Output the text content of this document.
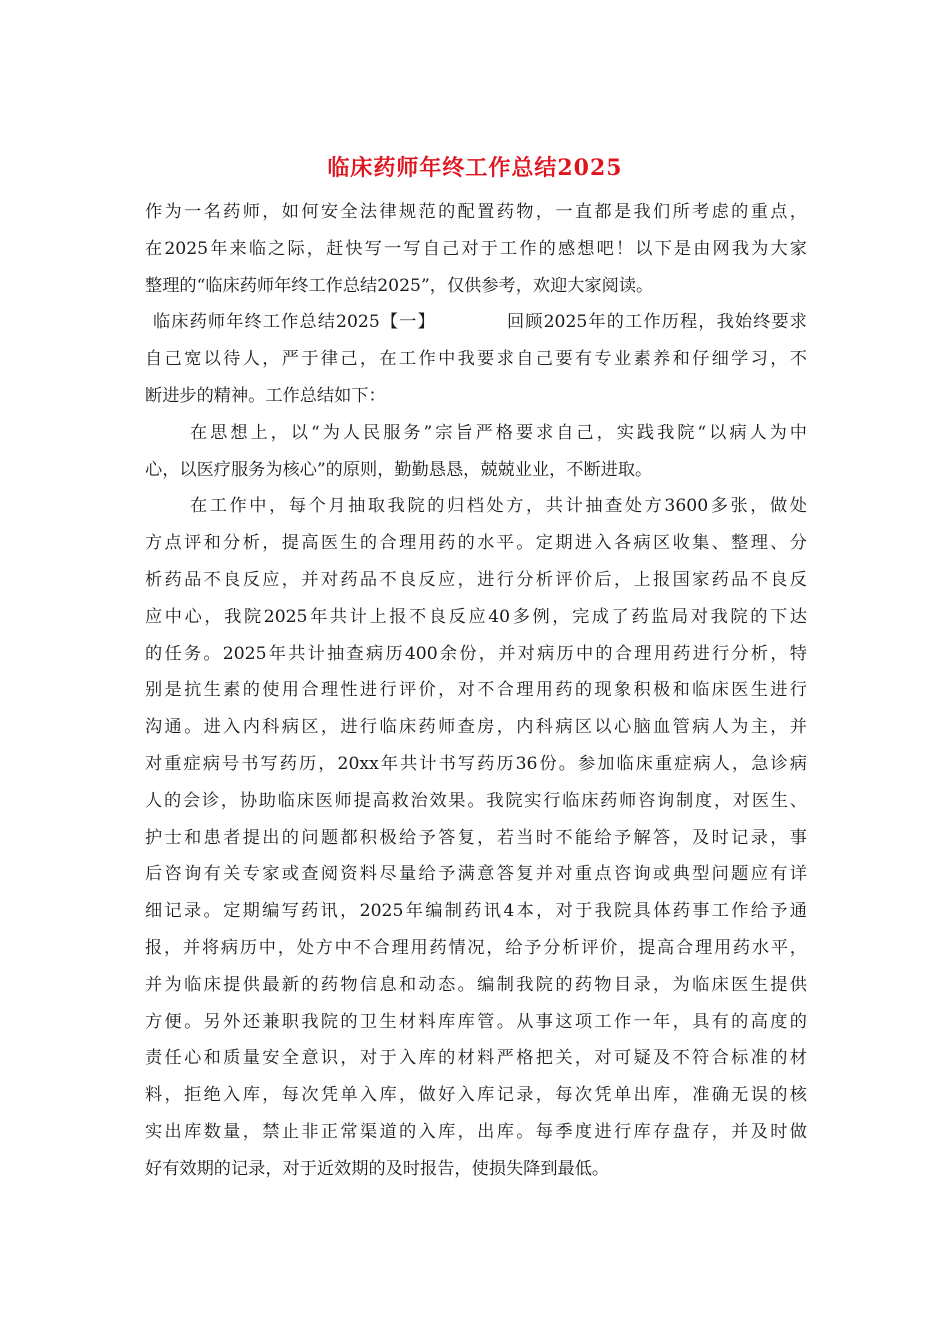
临床药师年终工作总结2025
作为一名药师，如何安全法律规范的配置药物，一直都是我们所考虑的重点，
在2025年来临之际，赶快写一写自己对于工作的感想吧！以下是由网我为大家
整理的“临床药师年终工作总结2025”，仅供参考，欢迎大家阅读。
临床药师年终工作总结2025【一】	回顾2025年的工作历程，我始终要求
自己宽以待人，严于律己，在工作中我要求自己要有专业素养和仔细学习，不
断进步的精神。工作总结如下：
在思想上，以“为人民服务”宗旨严格要求自己，实践我院“以病人为中
心，以医疗服务为核心”的原则，勤勤恳恳，兢兢业业，不断进取。
在工作中，每个月抽取我院的归档处方，共计抽查处方3600多张，做处
方点评和分析，提高医生的合理用药的水平。定期进入各病区收集、整理、分
析药品不良反应，并对药品不良反应，进行分析评价后，上报国家药品不良反
应中心，我院2025年共计上报不良反应40多例，完成了药监局对我院的下达
的任务。2025年共计抽查病历400余份，并对病历中的合理用药进行分析，特
别是抗生素的使用合理性进行评价，对不合理用药的现象积极和临床医生进行
沟通。进入内科病区，进行临床药师查房，内科病区以心脑血管病人为主，并
对重症病号书写药历，20xx年共计书写药历36份。参加临床重症病人，急诊病
人的会诊，协助临床医师提高救治效果。我院实行临床药师咨询制度，对医生、
护士和患者提出的问题都积极给予答复，若当时不能给予解答，及时记录，事
后咨询有关专家或查阅资料尽量给予满意答复并对重点咨询或典型问题应有详
细记录。定期编写药讯，2025年编制药讯4本，对于我院具体药事工作给予通
报，并将病历中，处方中不合理用药情况，给予分析评价，提高合理用药水平，
并为临床提供最新的药物信息和动态。编制我院的药物目录，为临床医生提供
方便。另外还兼职我院的卫生材料库库管。从事这项工作一年，具有的高度的
责任心和质量安全意识，对于入库的材料严格把关，对可疑及不符合标准的材
料，拒绝入库，每次凭单入库，做好入库记录，每次凭单出库，准确无误的核
实出库数量，禁止非正常渠道的入库，出库。每季度进行库存盘存，并及时做
好有效期的记录，对于近效期的及时报告，使损失降到最低。
